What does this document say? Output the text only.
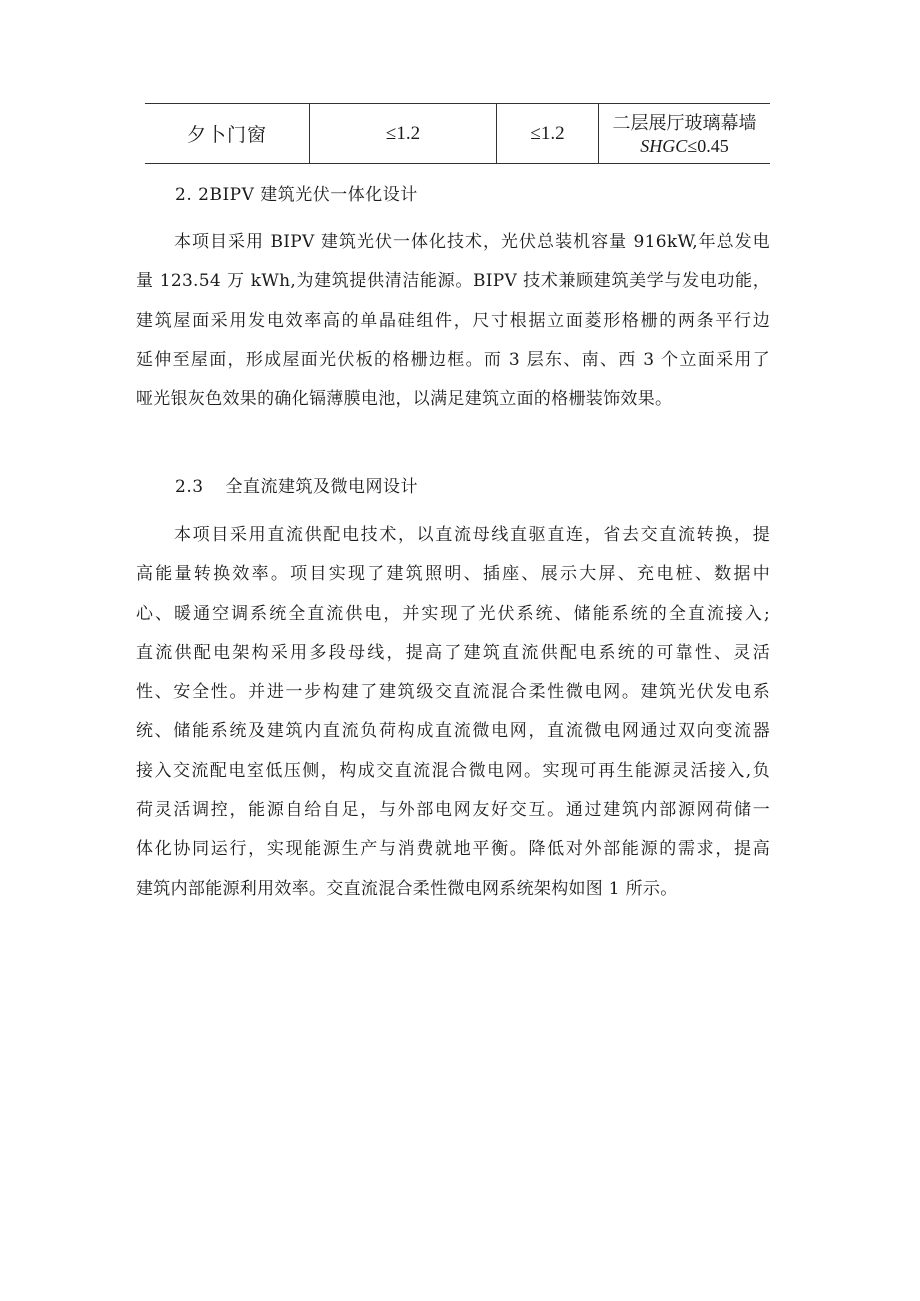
夕卜门窗	≤1.2	≤1.2	二层展厅玻璃幕墙
SHGC≤0.45
2. 2BIPV 建筑光伏一体化设计
本项目采用 BIPV 建筑光伏一体化技术，光伏总装机容量 916kW,年总发电
量 123.54 万 kWh,为建筑提供清洁能源。BIPV 技术兼顾建筑美学与发电功能，
建筑屋面采用发电效率高的单晶硅组件，尺寸根据立面菱形格栅的两条平行边
延伸至屋面，形成屋面光伏板的格栅边框。而 3 层东、南、西 3 个立面采用了
哑光银灰色效果的确化镉薄膜电池，以满足建筑立面的格栅装饰效果。
2.3 全直流建筑及微电网设计
本项目采用直流供配电技术，以直流母线直驱直连，省去交直流转换，提
高能量转换效率。项目实现了建筑照明、插座、展示大屏、充电桩、数据中
心、暖通空调系统全直流供电，并实现了光伏系统、储能系统的全直流接入;
直流供配电架构采用多段母线，提高了建筑直流供配电系统的可靠性、灵活
性、安全性。并进一步构建了建筑级交直流混合柔性微电网。建筑光伏发电系
统、储能系统及建筑内直流负荷构成直流微电网，直流微电网通过双向变流器
接入交流配电室低压侧，构成交直流混合微电网。实现可再生能源灵活接入,负
荷灵活调控，能源自给自足，与外部电网友好交互。通过建筑内部源网荷储一
体化协同运行，实现能源生产与消费就地平衡。降低对外部能源的需求，提高
建筑内部能源利用效率。交直流混合柔性微电网系统架构如图 1 所示。
